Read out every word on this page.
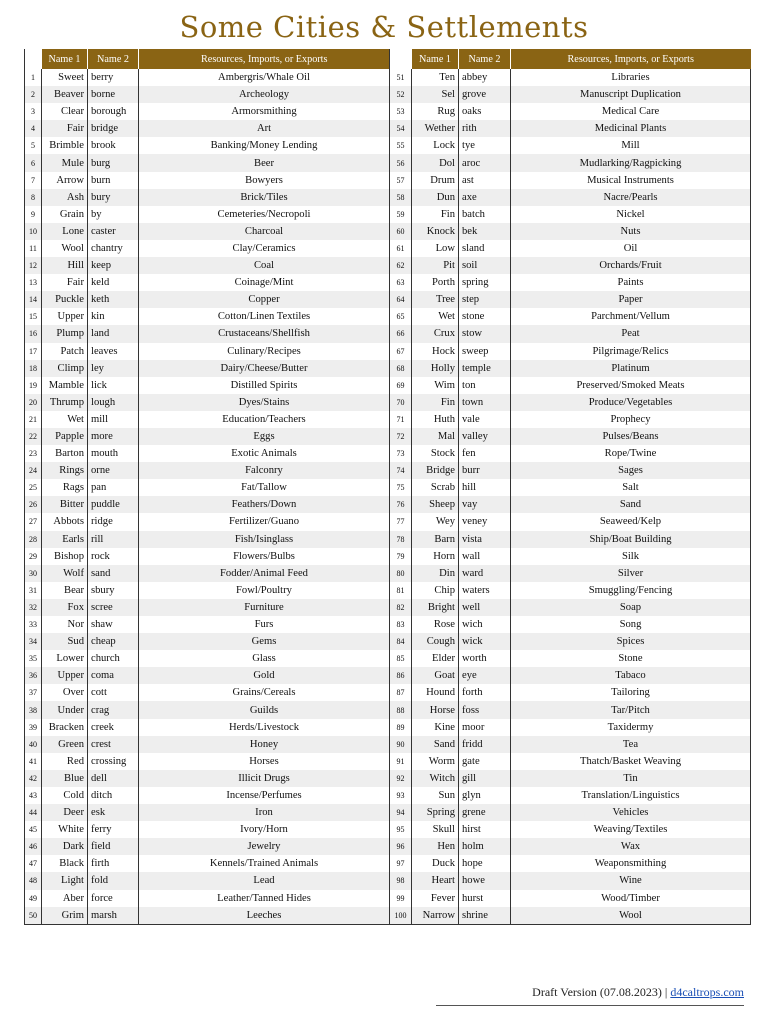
Some Cities & Settlements
	Name 1	Name 2	Resources, Imports, or Exports
1	Sweet	berry	Ambergris/Whale Oil
2	Beaver	borne	Archeology
3	Clear	borough	Armorsmithing
4	Fair	bridge	Art
5	Brimble	brook	Banking/Money Lending
6	Mule	burg	Beer
7	Arrow	burn	Bowyers
8	Ash	bury	Brick/Tiles
9	Grain	by	Cemeteries/Necropoli
10	Lone	caster	Charcoal
11	Wool	chantry	Clay/Ceramics
12	Hill	keep	Coal
13	Fair	keld	Coinage/Mint
14	Puckle	keth	Copper
15	Upper	kin	Cotton/Linen Textiles
16	Plump	land	Crustaceans/Shellfish
17	Patch	leaves	Culinary/Recipes
18	Climp	ley	Dairy/Cheese/Butter
19	Mamble	lick	Distilled Spirits
20	Thrump	lough	Dyes/Stains
21	Wet	mill	Education/Teachers
22	Papple	more	Eggs
23	Barton	mouth	Exotic Animals
24	Rings	orne	Falconry
25	Rags	pan	Fat/Tallow
26	Bitter	puddle	Feathers/Down
27	Abbots	ridge	Fertilizer/Guano
28	Earls	rill	Fish/Isinglass
29	Bishop	rock	Flowers/Bulbs
30	Wolf	sand	Fodder/Animal Feed
31	Bear	sbury	Fowl/Poultry
32	Fox	scree	Furniture
33	Nor	shaw	Furs
34	Sud	cheap	Gems
35	Lower	church	Glass
36	Upper	coma	Gold
37	Over	cott	Grains/Cereals
38	Under	crag	Guilds
39	Bracken	creek	Herds/Livestock
40	Green	crest	Honey
41	Red	crossing	Horses
42	Blue	dell	Illicit Drugs
43	Cold	ditch	Incense/Perfumes
44	Deer	esk	Iron
45	White	ferry	Ivory/Horn
46	Dark	field	Jewelry
47	Black	firth	Kennels/Trained Animals
48	Light	fold	Lead
49	Aber	force	Leather/Tanned Hides
50	Grim	marsh	Leeches
	Name 1	Name 2	Resources, Imports, or Exports
51	Ten	abbey	Libraries
52	Sel	grove	Manuscript Duplication
53	Rug	oaks	Medical Care
54	Wether	rith	Medicinal Plants
55	Lock	tye	Mill
56	Dol	aroc	Mudlarking/Ragpicking
57	Drum	ast	Musical Instruments
58	Dun	axe	Nacre/Pearls
59	Fin	batch	Nickel
60	Knock	bek	Nuts
61	Low	sland	Oil
62	Pit	soil	Orchards/Fruit
63	Porth	spring	Paints
64	Tree	step	Paper
65	Wet	stone	Parchment/Vellum
66	Crux	stow	Peat
67	Hock	sweep	Pilgrimage/Relics
68	Holly	temple	Platinum
69	Wim	ton	Preserved/Smoked Meats
70	Fin	town	Produce/Vegetables
71	Huth	vale	Prophecy
72	Mal	valley	Pulses/Beans
73	Stock	fen	Rope/Twine
74	Bridge	burr	Sages
75	Scrab	hill	Salt
76	Sheep	vay	Sand
77	Wey	veney	Seaweed/Kelp
78	Barn	vista	Ship/Boat Building
79	Horn	wall	Silk
80	Din	ward	Silver
81	Chip	waters	Smuggling/Fencing
82	Bright	well	Soap
83	Rose	wich	Song
84	Cough	wick	Spices
85	Elder	worth	Stone
86	Goat	eye	Tabaco
87	Hound	forth	Tailoring
88	Horse	foss	Tar/Pitch
89	Kine	moor	Taxidermy
90	Sand	fridd	Tea
91	Worm	gate	Thatch/Basket Weaving
92	Witch	gill	Tin
93	Sun	glyn	Translation/Linguistics
94	Spring	grene	Vehicles
95	Skull	hirst	Weaving/Textiles
96	Hen	holm	Wax
97	Duck	hope	Weaponsmithing
98	Heart	howe	Wine
99	Fever	hurst	Wood/Timber
100	Narrow	shrine	Wool
Draft Version (07.08.2023) | d4caltrops.com
